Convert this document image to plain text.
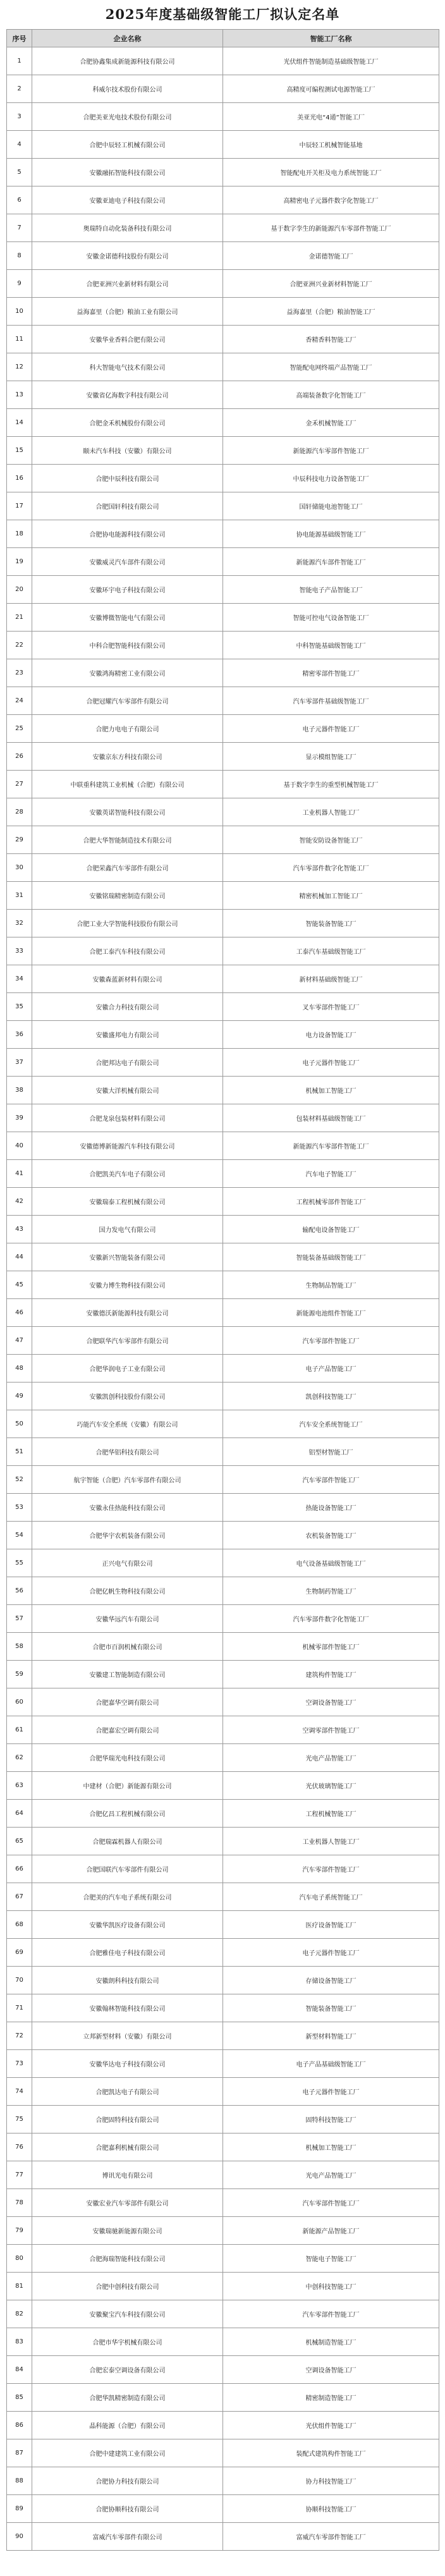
2025年度基础级智能工厂拟认定名单
序号	企业名称	智能工厂名称
1	合肥协鑫集成新能源科技有限公司	光伏组件智能制造基础级智能工厂
2	科威尔技术股份有限公司	高精度可编程测试电源智能工厂
3	合肥美亚光电技术股份有限公司	美亚光电“4通”智能工厂
4	合肥中辰轻工机械有限公司	中辰轻工机械智能基地
5	安徽融拓智能科技有限公司	智能配电开关柜及电力系统智能工厂
6	安徽亚迪电子科技有限公司	高精密电子元器件数字化智能工厂
7	奥瑞特自动化装备科技有限公司	基于数字孪生的新能源汽车零部件智能工厂
8	安徽金诺德科技股份有限公司	金诺德智能工厂
9	合肥亚洲兴业新材料有限公司	合肥亚洲兴业新材料智能工厂
10	益海嘉里（合肥）粮油工业有限公司	益海嘉里（合肥）粮油智能工厂
11	安徽华业香料合肥有限公司	香精香料智能工厂
12	科大智能电气技术有限公司	智能配电网终端产品智能工厂
13	安徽省亿海数字科技有限公司	高端装备数字化智能工厂
14	合肥金禾机械股份有限公司	金禾机械智能工厂
15	颐未汽车科技（安徽）有限公司	新能源汽车零部件智能工厂
16	合肥中辰科技有限公司	中辰科技电力设备智能工厂
17	合肥国轩科技有限公司	国轩储能电池智能工厂
18	合肥协电能源科技有限公司	协电能源基础级智能工厂
19	安徽威灵汽车部件有限公司	新能源汽车部件智能工厂
20	安徽环宇电子科技有限公司	智能电子产品智能工厂
21	安徽博微智能电气有限公司	智能可控电气设备智能工厂
22	中科合肥智能科技有限公司	中科智能基础级智能工厂
23	安徽鸿海精密工业有限公司	精密零部件智能工厂
24	合肥冠耀汽车零部件有限公司	汽车零部件基础级智能工厂
25	合肥力电电子有限公司	电子元器件智能工厂
26	安徽京东方科技有限公司	显示模组智能工厂
27	中联重科建筑工业机械（合肥）有限公司	基于数字孪生的重型机械智能工厂
28	安徽英诺智能科技有限公司	工业机器人智能工厂
29	合肥大华智能制造技术有限公司	智能安防设备智能工厂
30	合肥荣鑫汽车零部件有限公司	汽车零部件数字化智能工厂
31	安徽铭瑞精密制造有限公司	精密机械加工智能工厂
32	合肥工业大学智能科技股份有限公司	智能装备智能工厂
33	合肥工泰汽车科技有限公司	工泰汽车基础级智能工厂
34	安徽森蓝新材料有限公司	新材料基础级智能工厂
35	安徽合力科技有限公司	叉车零部件智能工厂
36	安徽盛邦电力有限公司	电力设备智能工厂
37	合肥邦达电子有限公司	电子元器件智能工厂
38	安徽大洋机械有限公司	机械加工智能工厂
39	合肥龙泉包装材料有限公司	包装材料基础级智能工厂
40	安徽德博新能源汽车科技有限公司	新能源汽车零部件智能工厂
41	合肥凯美汽车电子有限公司	汽车电子智能工厂
42	安徽瑞泰工程机械有限公司	工程机械零部件智能工厂
43	国力发电气有限公司	输配电设备智能工厂
44	安徽新兴智能装备有限公司	智能装备基础级智能工厂
45	安徽力博生物科技有限公司	生物制品智能工厂
46	安徽德沃新能源科技有限公司	新能源电池组件智能工厂
47	合肥联华汽车零部件有限公司	汽车零部件智能工厂
48	合肥华润电子工业有限公司	电子产品智能工厂
49	安徽凯创科技股份有限公司	凯创科技智能工厂
50	巧能汽车安全系统（安徽）有限公司	汽车安全系统智能工厂
51	合肥华铝科技有限公司	铝型材智能工厂
52	航宇智能（合肥）汽车零部件有限公司	汽车零部件智能工厂
53	安徽永佳热能科技有限公司	热能设备智能工厂
54	合肥华宇农机装备有限公司	农机装备智能工厂
55	正兴电气有限公司	电气设备基础级智能工厂
56	合肥亿帆生物科技有限公司	生物制药智能工厂
57	安徽华远汽车有限公司	汽车零部件数字化智能工厂
58	合肥市百润机械有限公司	机械零部件智能工厂
59	安徽建工智能制造有限公司	建筑构件智能工厂
60	合肥嘉华空调有限公司	空调设备智能工厂
61	合肥嘉宏空调有限公司	空调零部件智能工厂
62	合肥华瑞光电科技有限公司	光电产品智能工厂
63	中建材（合肥）新能源有限公司	光伏玻璃智能工厂
64	合肥亿昌工程机械有限公司	工程机械智能工厂
65	合肥瑞霖机器人有限公司	工业机器人智能工厂
66	合肥国联汽车零部件有限公司	汽车零部件智能工厂
67	合肥美的汽车电子系统有限公司	汽车电子系统智能工厂
68	安徽华凯医疗设备有限公司	医疗设备智能工厂
69	合肥雅佳电子科技有限公司	电子元器件智能工厂
70	安徽朗科科技有限公司	存储设备智能工厂
71	安徽翰林智能科技有限公司	智能装备智能工厂
72	立邦新型材料（安徽）有限公司	新型材料智能工厂
73	安徽华达电子科技有限公司	电子产品基础级智能工厂
74	合肥凯达电子有限公司	电子元器件智能工厂
75	合肥固特科技有限公司	固特科技智能工厂
76	合肥嘉利机械有限公司	机械加工智能工厂
77	博讯光电有限公司	光电产品智能工厂
78	安徽宏业汽车零部件有限公司	汽车零部件智能工厂
79	安徽瑞驰新能源有限公司	新能源产品智能工厂
80	合肥海瑞智能科技有限公司	智能电子智能工厂
81	合肥中创科技有限公司	中创科技智能工厂
82	安徽聚宝汽车科技有限公司	汽车零部件智能工厂
83	合肥市华宇机械有限公司	机械制造智能工厂
84	合肥宏泰空调设备有限公司	空调设备智能工厂
85	合肥华凯精密制造有限公司	精密制造智能工厂
86	晶科能源（合肥）有限公司	光伏组件智能工厂
87	合肥中建建筑工业有限公司	装配式建筑构件智能工厂
88	合肥协力科技有限公司	协力科技智能工厂
89	合肥协顺科技有限公司	协顺科技智能工厂
90	富威汽车零部件有限公司	富威汽车零部件智能工厂
